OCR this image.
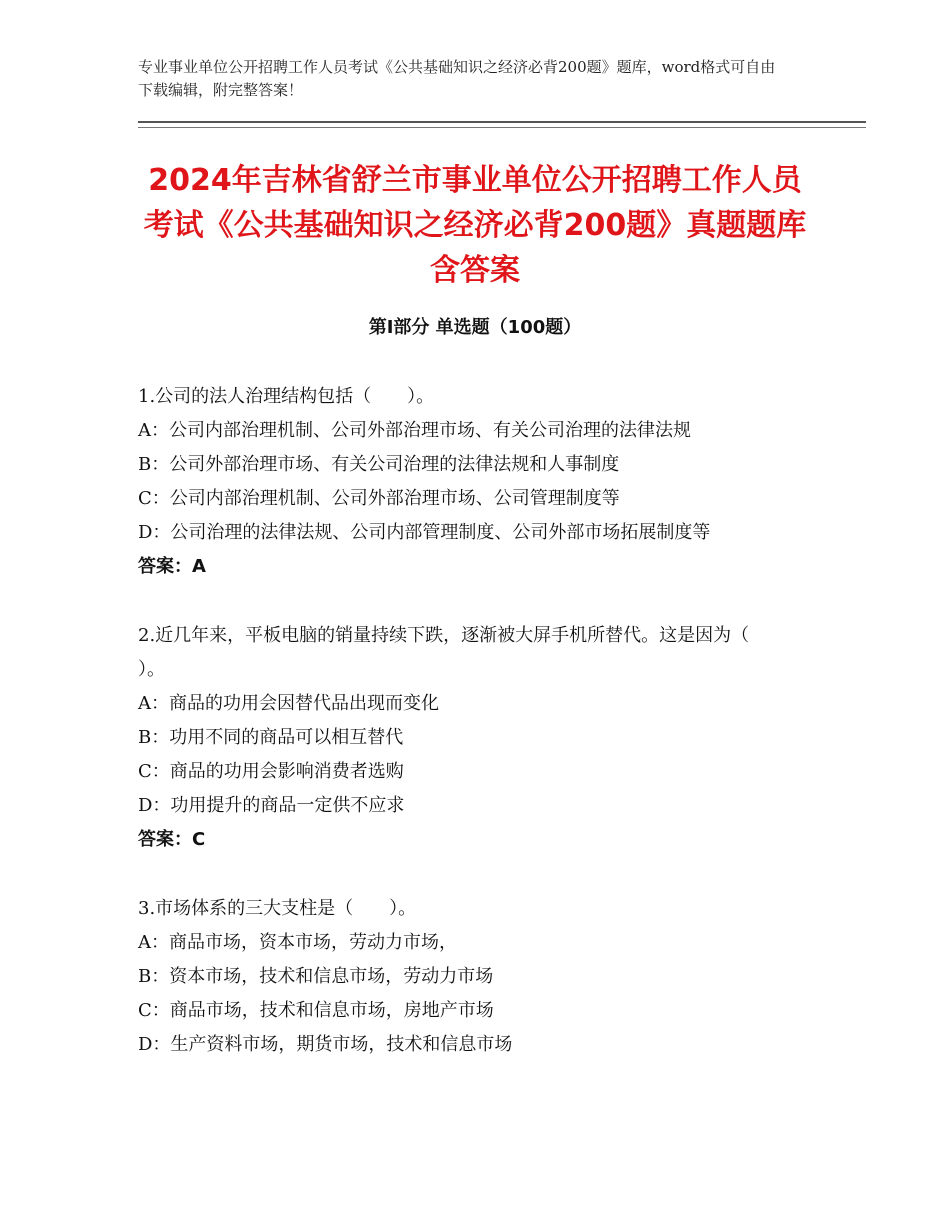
专业事业单位公开招聘工作人员考试《公共基础知识之经济必背200题》题库，word格式可自由下载编辑，附完整答案！
2024年吉林省舒兰市事业单位公开招聘工作人员考试《公共基础知识之经济必背200题》真题题库含答案
第Ⅰ部分 单选题（100题）
1.公司的法人治理结构包括（　　）。
A：公司内部治理机制、公司外部治理市场、有关公司治理的法律法规
B：公司外部治理市场、有关公司治理的法律法规和人事制度
C：公司内部治理机制、公司外部治理市场、公司管理制度等
D：公司治理的法律法规、公司内部管理制度、公司外部市场拓展制度等
答案：A
2.近几年来，平板电脑的销量持续下跌，逐渐被大屏手机所替代。这是因为（　　）。
A：商品的功用会因替代品出现而变化
B：功用不同的商品可以相互替代
C：商品的功用会影响消费者选购
D：功用提升的商品一定供不应求
答案：C
3.市场体系的三大支柱是（　　）。
A：商品市场，资本市场，劳动力市场，
B：资本市场，技术和信息市场，劳动力市场
C：商品市场，技术和信息市场，房地产市场
D：生产资料市场，期货市场，技术和信息市场
